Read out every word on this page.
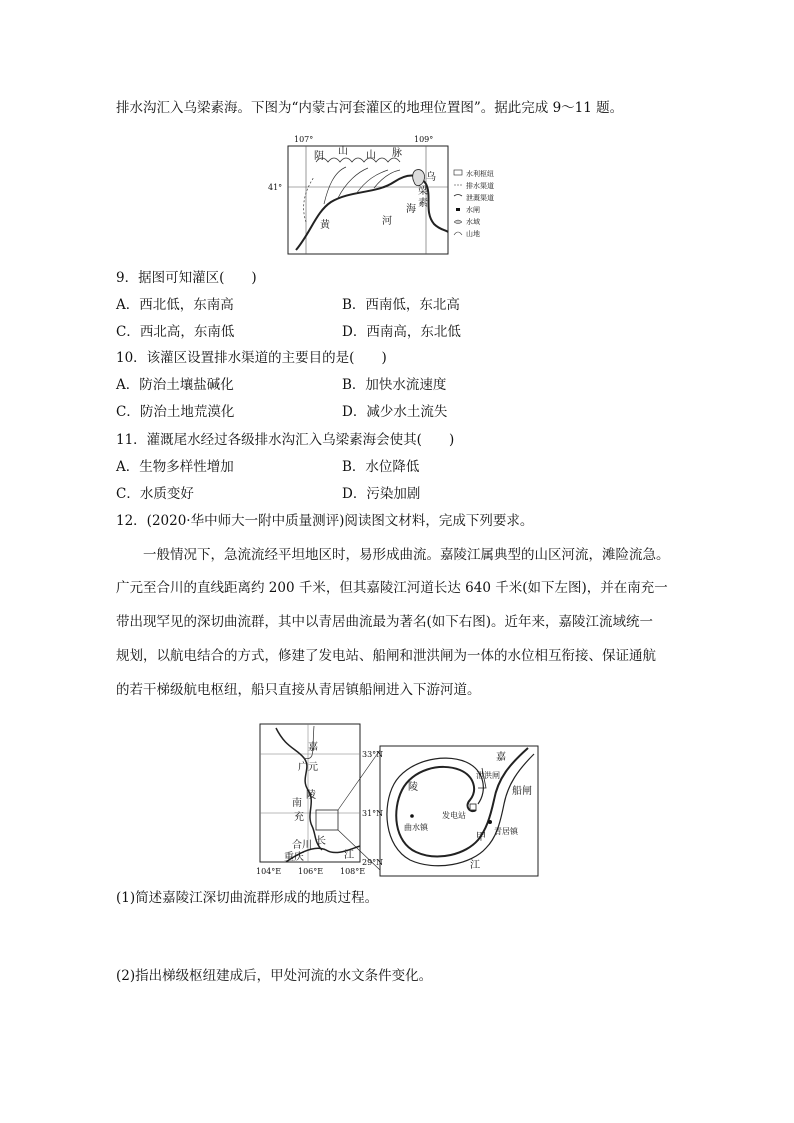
排水沟汇入乌梁素海。下图为“内蒙古河套灌区的地理位置图”。据此完成 9～11 题。
107°	109°
41°
阴 山 山 脉
乌
梁
素
海
黄	河
水利枢纽
排水渠道
泄溉渠道
水闸
水域
山地
9．据图可知灌区(　　)
A．西北低，东南高	B．西南低，东北高
C．西北高，东南低	D．西南高，东北低
10．该灌区设置排水渠道的主要目的是(　　)
A．防治土壤盐碱化	B．加快水流速度
C．防治土地荒漠化	D．减少水土流失
11．灌溉尾水经过各级排水沟汇入乌梁素海会使其(　　)
A．生物多样性增加	B．水位降低
C．水质变好	D．污染加剧
12．(2020·华中师大一附中质量测评)阅读图文材料，完成下列要求。
　　一般情况下，急流流经平坦地区时，易形成曲流。嘉陵江属典型的山区河流，滩险流急。
广元至合川的直线距离约 200 千米，但其嘉陵江河道长达 640 千米(如下左图)，并在南充一
带出现罕见的深切曲流群，其中以青居曲流最为著名(如下右图)。近年来，嘉陵江流域统一
规划，以航电结合的方式，修建了发电站、船闸和泄洪闸为一体的水位相互衔接、保证通航
的若干梯级航电枢纽，船只直接从青居镇船闸进入下游河道。
嘉
广元
陵
南
充
合川
重庆
长
江
33°N
31°N
29°N
104°E 106°E 108°E
嘉
陵
江
泄洪闸
船闸
发电站
甲
青居镇
曲水镇
(1)简述嘉陵江深切曲流群形成的地质过程。
(2)指出梯级枢纽建成后，甲处河流的水文条件变化。
